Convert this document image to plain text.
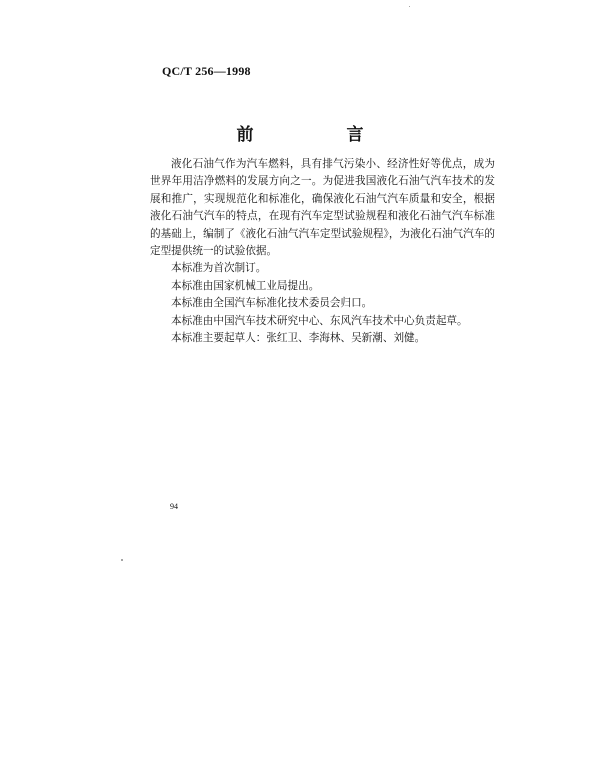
QC/T 256—1998
前　言

液化石油气作为汽车燃料，具有排气污染小、经济性好等优点，成为世界年用洁净燃料的发展方向之一。为促进我国液化石油气汽车技术的发展和推广，实现规范化和标准化，确保液化石油气汽车质量和安全，根据液化石油气汽车的特点，在现有汽车定型试验规程和液化石油气汽车标准的基础上，编制了《液化石油气汽车定型试验规程》，为液化石油气汽车的定型提供统一的试验依据。

本标准为首次制订。

本标准由国家机械工业局提出。

本标准由全国汽车标准化技术委员会归口。

本标准由中国汽车技术研究中心、东风汽车技术中心负责起草。

本标准主要起草人：张红卫、李海林、吴新潮、刘健。

94
